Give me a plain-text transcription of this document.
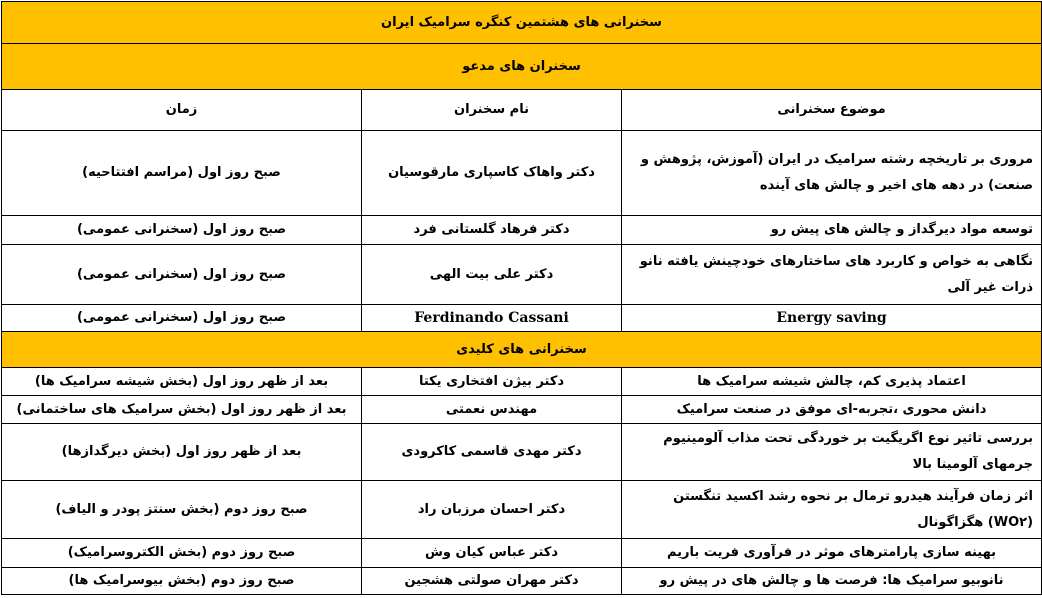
سخنرانی های هشتمین کنگره سرامیک ایران		
سخنران های مدعو		
موضوع سخنرانی	نام سخنران	زمان
مروری بر تاریخچه رشته سرامیک در ایران (آموزش، پژوهش و صنعت) در دهه های اخیر و چالش های آینده	دکتر واهاک کاسپاری مارقوسیان	صبح روز اول (مراسم افتتاحیه)
توسعه مواد دیرگداز و چالش های پیش رو	دکتر فرهاد گلستانی فرد	صبح روز اول (سخنرانی عمومی)
نگاهی به خواص و کاربرد های ساختارهای خودچینش یافته نانو ذرات غیر آلی	دکتر علی بیت الهی	صبح روز اول (سخنرانی عمومی)
Energy saving	Ferdinando Cassani	صبح روز اول (سخنرانی عمومی)
سخنرانی های کلیدی		
اعتماد پذیری کم، چالش شیشه سرامیک ها	دکتر بیژن افتخاری یکتا	بعد از ظهر روز اول (بخش شیشه سرامیک ها)
دانش محوری ،تجربه-ای موفق در صنعت سرامیک	مهندس نعمتی	بعد از ظهر روز اول (بخش سرامیک های ساختمانی)
بررسی تاثیر نوع اگریگیت بر خوردگی تحت مذاب آلومینیوم جرمهای آلومینا بالا	دکتر مهدی قاسمی کاکرودی	بعد از ظهر روز اول (بخش دیرگدازها)
اثر زمان فرآیند هیدرو ترمال بر نحوه رشد اکسید تنگستن (WO۲) هگزاگونال	دکتر احسان مرزبان راد	صبح روز دوم (بخش سنتز پودر و الیاف)
بهینه سازی پارامترهای موثر در فرآوری فریت باریم	دکتر عباس کیان وش	صبح روز دوم (بخش الکتروسرامیک)
نانوبیو سرامیک ها: فرصت ها و چالش های در پیش رو	دکتر مهران صولتی هشجین	صبح روز دوم (بخش بیوسرامیک ها)
